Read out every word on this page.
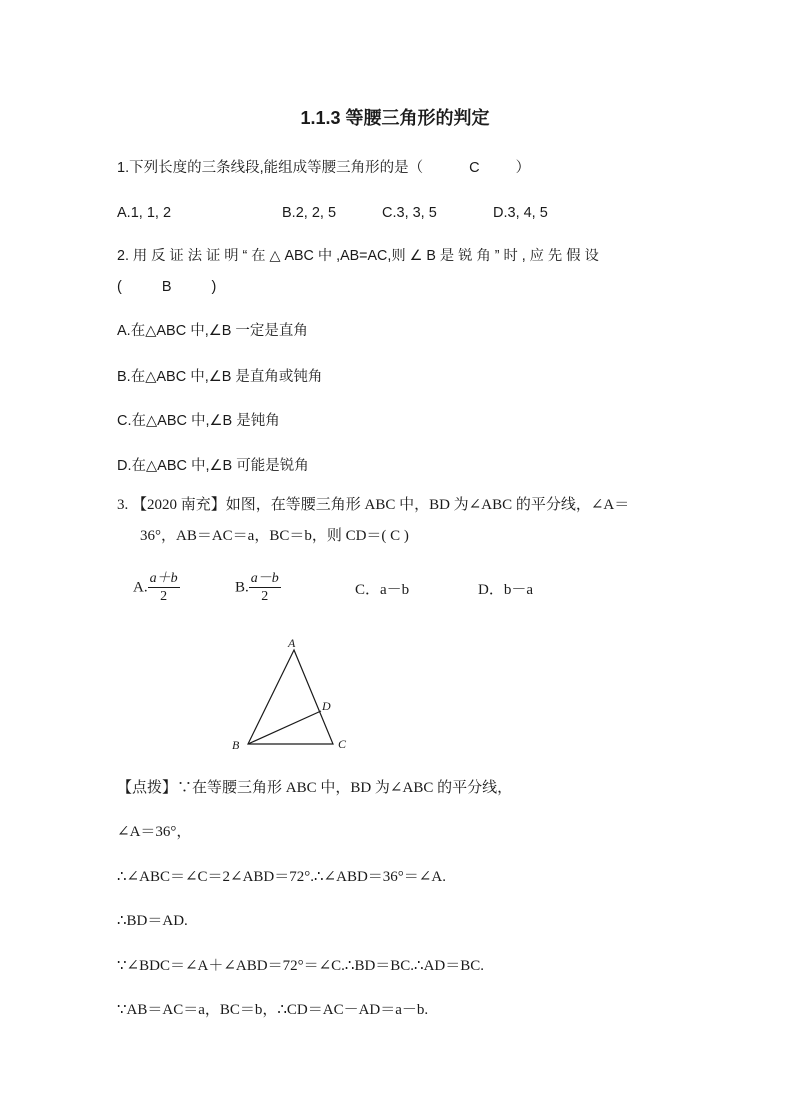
1.1.3 等腰三角形的判定
1.下列长度的三条线段,能组成等腰三角形的是（	C ）
A.1, 1, 2	B.2, 2, 5	C.3, 3, 5	D.3, 4, 5
2. 用 反 证 法 证 明 “ 在 △ ABC 中 ,AB=AC,则 ∠ B 是 锐 角 ” 时 , 应 先 假 设
(	B	)
A.在△ABC 中,∠B 一定是直角
B.在△ABC 中,∠B 是直角或钝角
C.在△ABC 中,∠B 是钝角
D.在△ABC 中,∠B 可能是锐角
3. 【2020 南充】如图，在等腰三角形 ABC 中，BD 为∠ABC 的平分线，∠A＝
36°，AB＝AC＝a，BC＝b，则 CD＝( C )
A. $\frac{a+b}{2}$	B. $\frac{a-b}{2}$	C．a－b	D．b－a
A
B	C
D
【点拨】∵在等腰三角形 ABC 中，BD 为∠ABC 的平分线，
∠A＝36°，
∴∠ABC＝∠C＝2∠ABD＝72°.∴∠ABD＝36°＝∠A.
∴BD＝AD.
∵∠BDC＝∠A＋∠ABD＝72°＝∠C.∴BD＝BC.∴AD＝BC.
∵AB＝AC＝a，BC＝b，∴CD＝AC－AD＝a－b.
